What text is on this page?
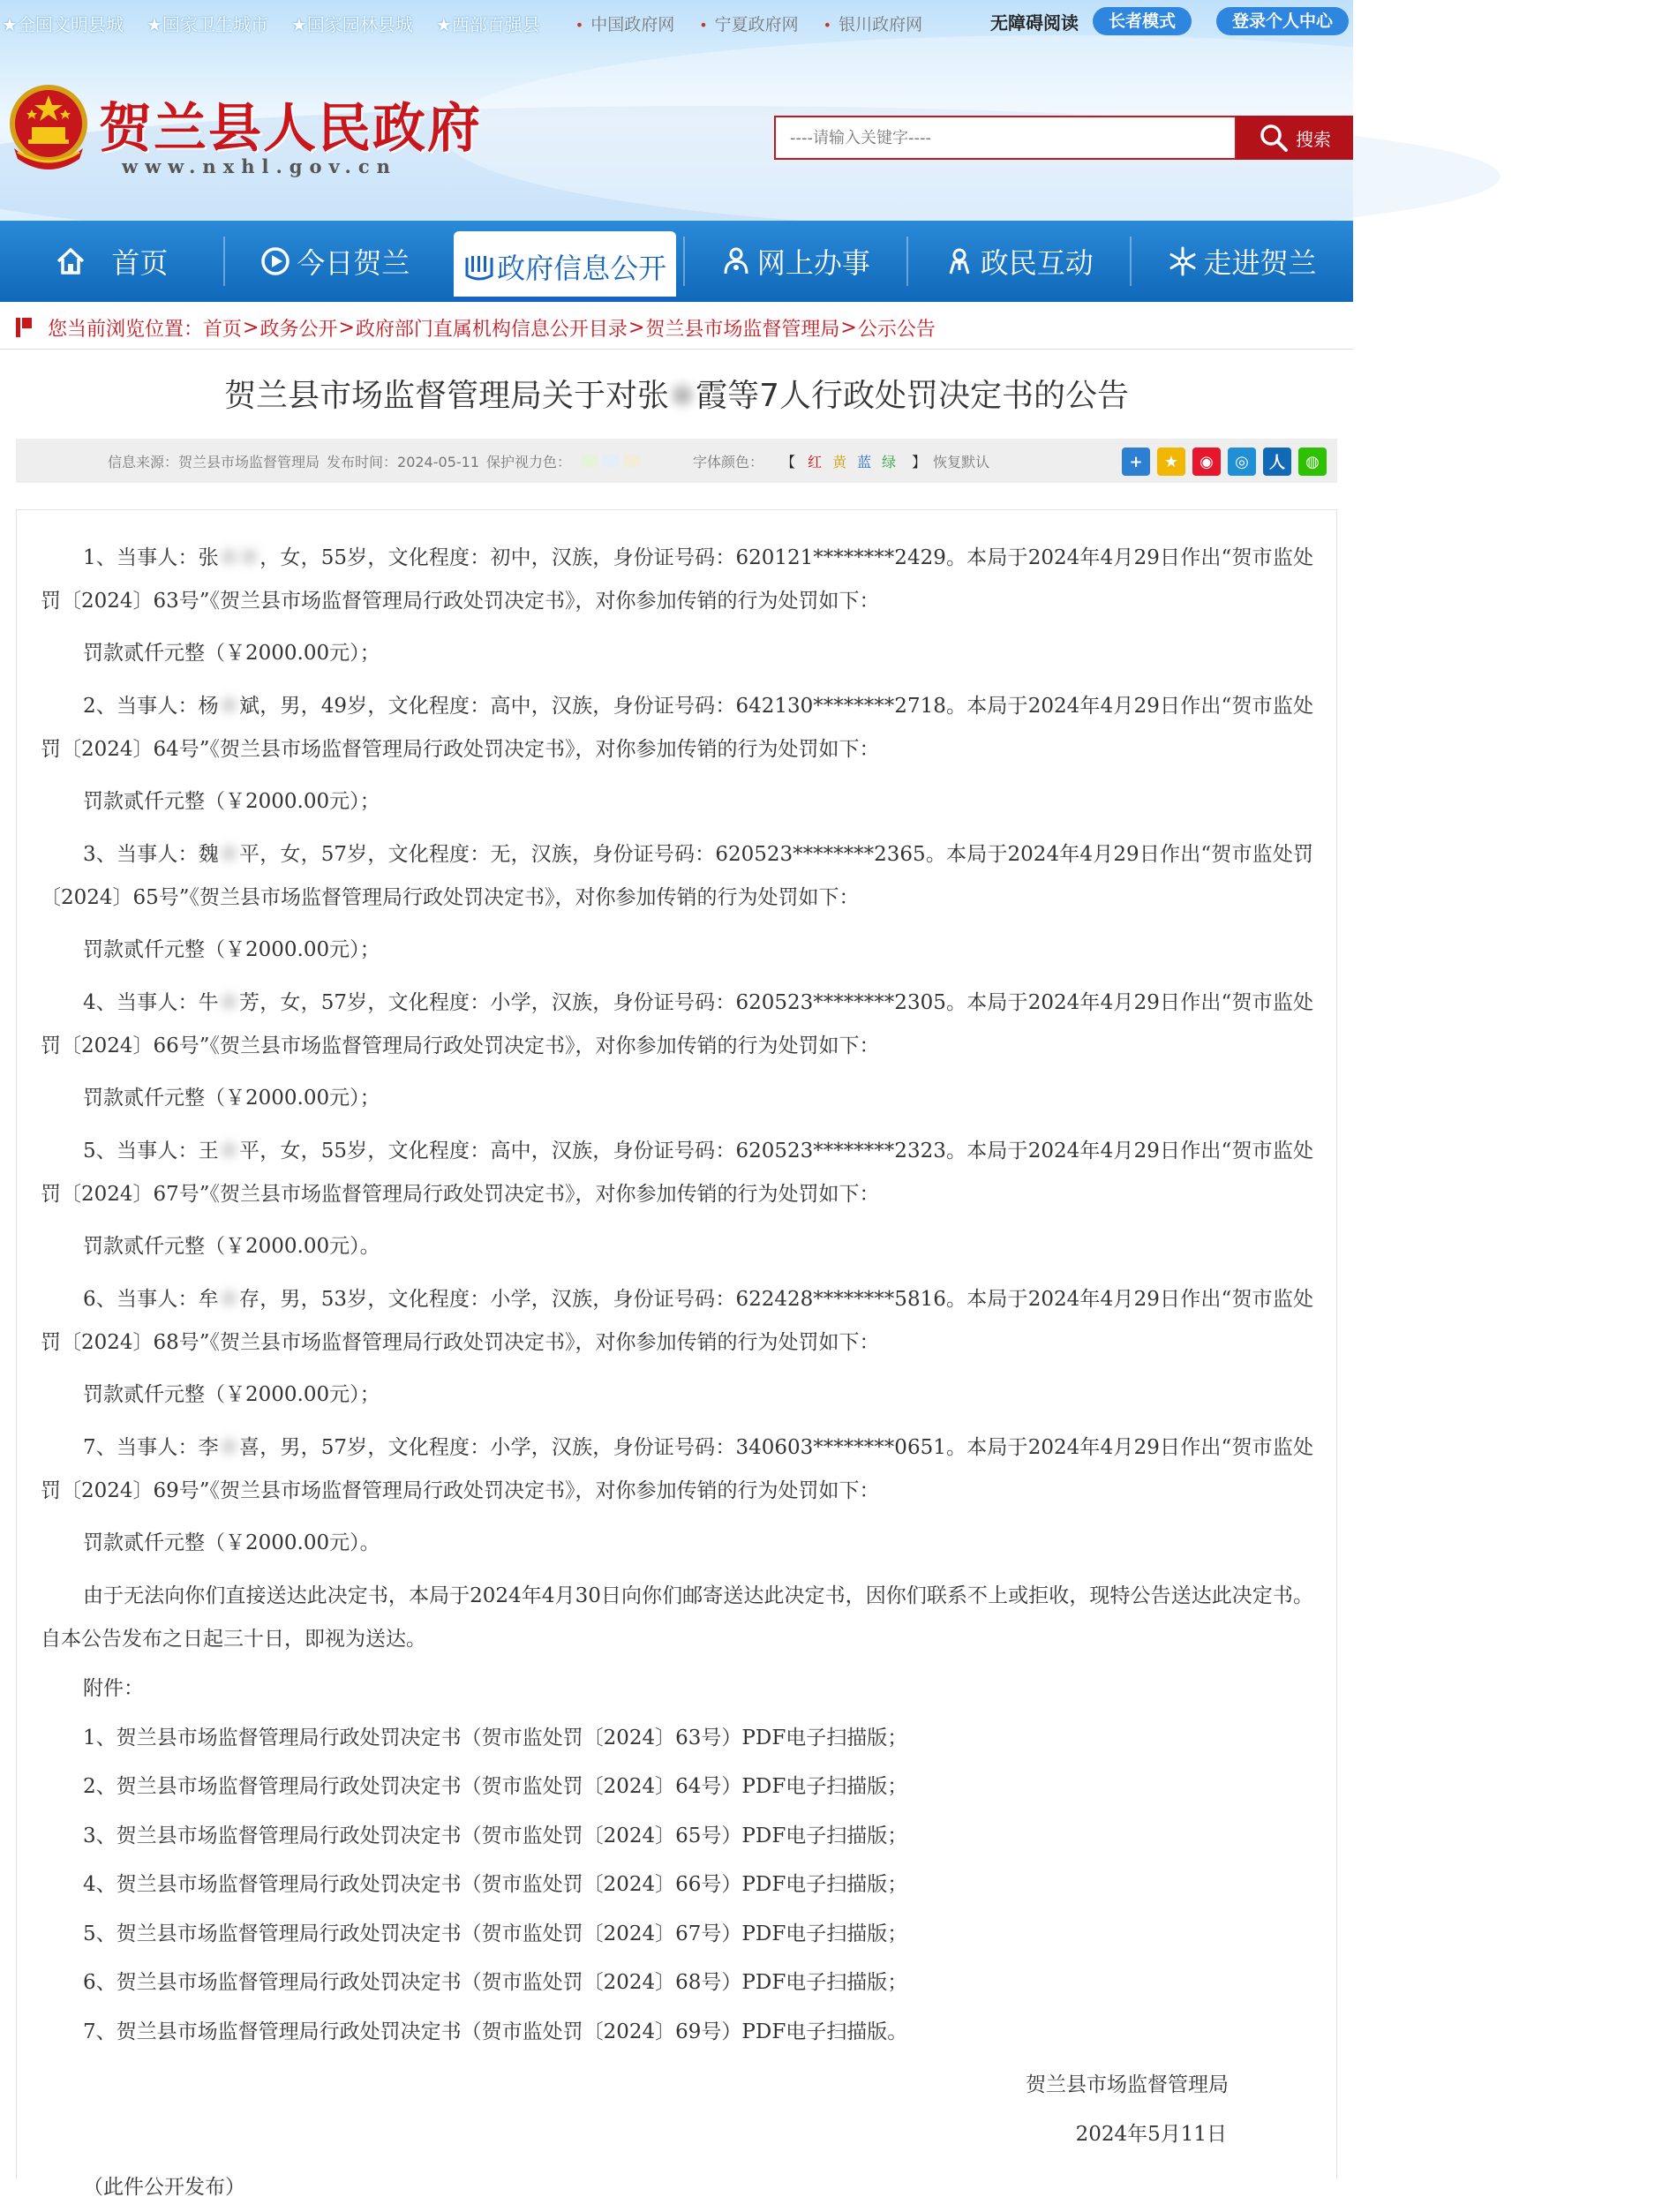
★全国文明县城 ★国家卫生城市 ★国家园林县城 ★西部百强县	• 中国政府网 • 宁夏政府网 • 银川政府网	无障碍阅读	长者模式	登录个人中心
贺兰县人民政府
www.nxhl.gov.cn
----请输入关键字----
搜索
首页	今日贺兰	政府信息公开	网上办事	政民互动	走进贺兰
您当前浏览位置： 首页 > 政务公开 > 政府部门直属机构信息公开目录 > 贺兰县市场监督管理局 > 公示公告
贺兰县市场监督管理局关于对张※霞等7人行政处罚决定书的公告
信息来源：贺兰县市场监督管理局 发布时间：2024-05-11 保护视力色：	字体颜色： 【 红 黄 蓝 绿 】 恢复默认	+	★	◉	◎	人	◍
1、当事人：张※※，女，55岁，文化程度：初中，汉族，身份证号码：620121********2429。本局于2024年4月29日作出“贺市监处罚〔2024〕63号”《贺兰县市场监督管理局行政处罚决定书》，对你参加传销的行为处罚如下：
罚款贰仟元整（￥2000.00元）；
2、当事人：杨※斌，男，49岁，文化程度：高中，汉族，身份证号码：642130********2718。本局于2024年4月29日作出“贺市监处罚〔2024〕64号”《贺兰县市场监督管理局行政处罚决定书》，对你参加传销的行为处罚如下：
罚款贰仟元整（￥2000.00元）；
3、当事人：魏※平，女，57岁，文化程度：无，汉族，身份证号码：620523********2365。本局于2024年4月29日作出“贺市监处罚〔2024〕65号”《贺兰县市场监督管理局行政处罚决定书》，对你参加传销的行为处罚如下：
罚款贰仟元整（￥2000.00元）；
4、当事人：牛※芳，女，57岁，文化程度：小学，汉族，身份证号码：620523********2305。本局于2024年4月29日作出“贺市监处罚〔2024〕66号”《贺兰县市场监督管理局行政处罚决定书》，对你参加传销的行为处罚如下：
罚款贰仟元整（￥2000.00元）；
5、当事人：王※平，女，55岁，文化程度：高中，汉族，身份证号码：620523********2323。本局于2024年4月29日作出“贺市监处罚〔2024〕67号”《贺兰县市场监督管理局行政处罚决定书》，对你参加传销的行为处罚如下：
罚款贰仟元整（￥2000.00元）。
6、当事人：牟※存，男，53岁，文化程度：小学，汉族，身份证号码：622428********5816。本局于2024年4月29日作出“贺市监处罚〔2024〕68号”《贺兰县市场监督管理局行政处罚决定书》，对你参加传销的行为处罚如下：
罚款贰仟元整（￥2000.00元）；
7、当事人：李※喜，男，57岁，文化程度：小学，汉族，身份证号码：340603********0651。本局于2024年4月29日作出“贺市监处罚〔2024〕69号”《贺兰县市场监督管理局行政处罚决定书》，对你参加传销的行为处罚如下：
罚款贰仟元整（￥2000.00元）。
由于无法向你们直接送达此决定书，本局于2024年4月30日向你们邮寄送达此决定书，因你们联系不上或拒收，现特公告送达此决定书。自本公告发布之日起三十日，即视为送达。
附件：
1、贺兰县市场监督管理局行政处罚决定书（贺市监处罚〔2024〕63号）PDF电子扫描版；
2、贺兰县市场监督管理局行政处罚决定书（贺市监处罚〔2024〕64号）PDF电子扫描版；
3、贺兰县市场监督管理局行政处罚决定书（贺市监处罚〔2024〕65号）PDF电子扫描版；
4、贺兰县市场监督管理局行政处罚决定书（贺市监处罚〔2024〕66号）PDF电子扫描版；
5、贺兰县市场监督管理局行政处罚决定书（贺市监处罚〔2024〕67号）PDF电子扫描版；
6、贺兰县市场监督管理局行政处罚决定书（贺市监处罚〔2024〕68号）PDF电子扫描版；
7、贺兰县市场监督管理局行政处罚决定书（贺市监处罚〔2024〕69号）PDF电子扫描版。
贺兰县市场监督管理局
2024年5月11日
（此件公开发布）
